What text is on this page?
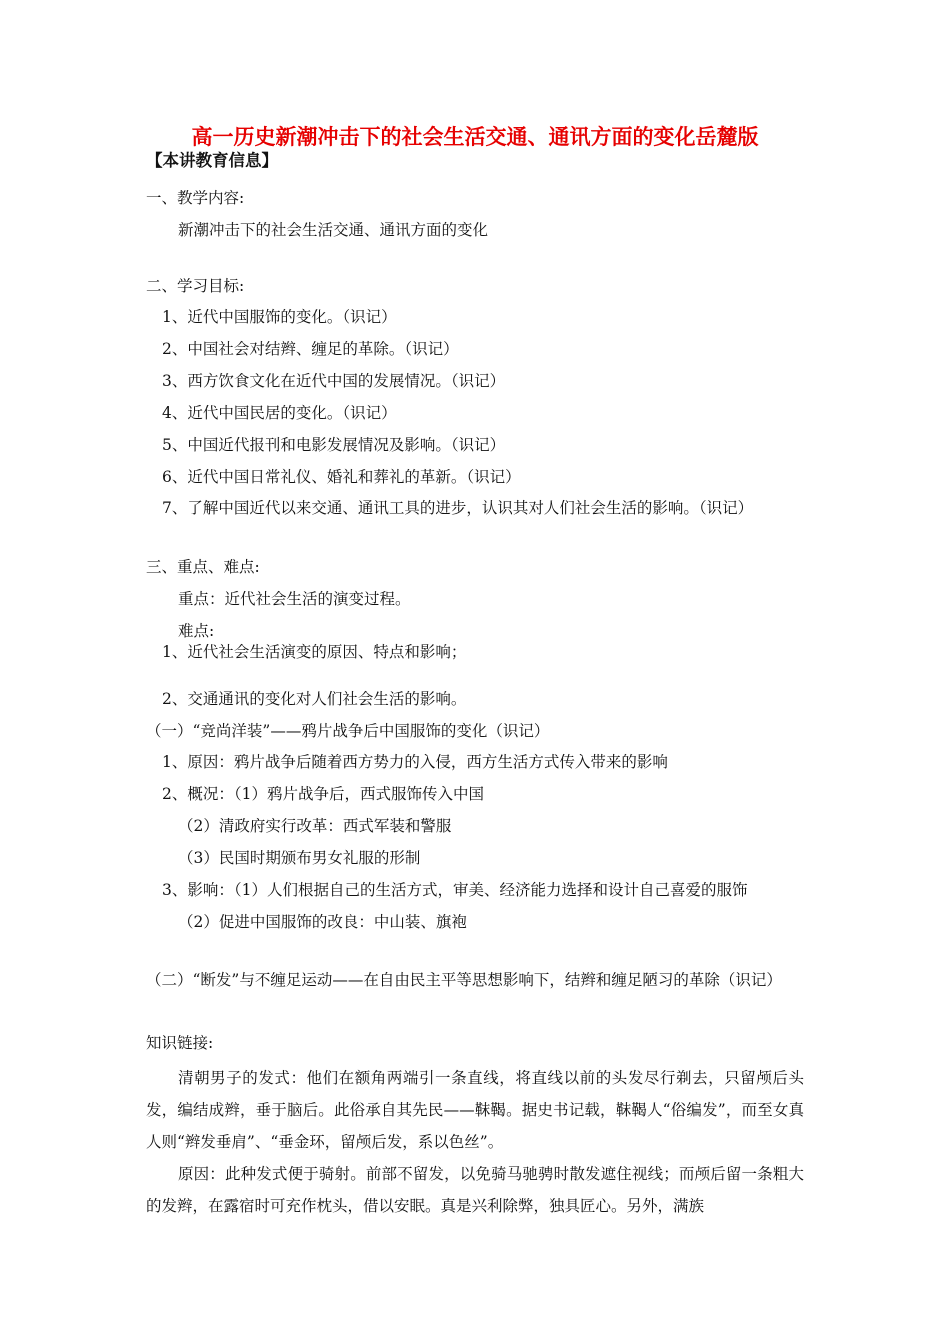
高一历史新潮冲击下的社会生活交通、通讯方面的变化岳麓版
【本讲教育信息】
一、教学内容:
新潮冲击下的社会生活交通、通讯方面的变化
二、学习目标:
1、近代中国服饰的变化。（识记）
2、中国社会对结辫、缠足的革除。（识记）
3、西方饮食文化在近代中国的发展情况。（识记）
4、近代中国民居的变化。（识记）
5、中国近代报刊和电影发展情况及影响。（识记）
6、近代中国日常礼仪、婚礼和葬礼的革新。（识记）
7、了解中国近代以来交通、通讯工具的进步，认识其对人们社会生活的影响。（识记）
三、重点、难点:
重点：近代社会生活的演变过程。
难点:
1、近代社会生活演变的原因、特点和影响；
2、交通通讯的变化对人们社会生活的影响。
（一）“竞尚洋装”——鸦片战争后中国服饰的变化（识记）
1、原因：鸦片战争后随着西方势力的入侵，西方生活方式传入带来的影响
2、概况：（1）鸦片战争后，西式服饰传入中国
（2）清政府实行改革：西式军装和警服
（3）民国时期颁布男女礼服的形制
3、影响：（1）人们根据自己的生活方式，审美、经济能力选择和设计自己喜爱的服饰
（2）促进中国服饰的改良：中山装、旗袍

（二）“断发”与不缠足运动——在自由民主平等思想影响下，结辫和缠足陋习的革除（识记）

知识链接:

清朝男子的发式：他们在额角两端引一条直线，将直线以前的头发尽行剃去，只留颅后头发，编结成辫，垂于脑后。此俗承自其先民——靺鞨。据史书记载，靺鞨人“俗编发”，而至女真人则“辫发垂肩”、“垂金环，留颅后发，系以色丝”。

原因：此种发式便于骑射。前部不留发，以免骑马驰骋时散发遮住视线；而颅后留一条粗大的发辫，在露宿时可充作枕头，借以安眠。真是兴利除弊，独具匠心。另外，满族
